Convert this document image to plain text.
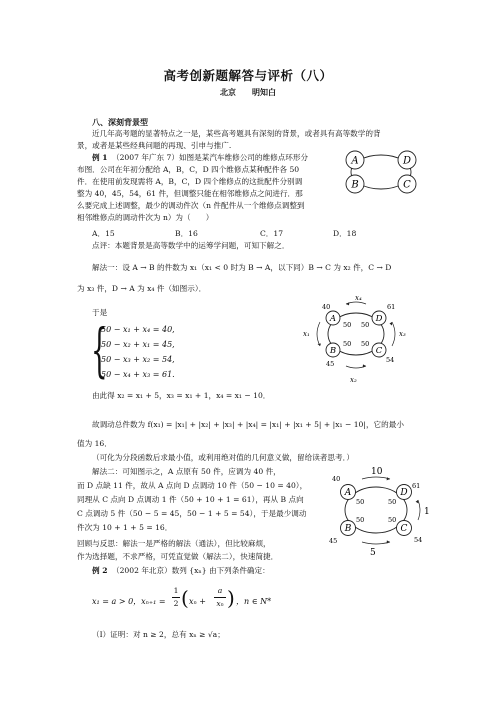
高考创新题解答与评析（八）
北京　　明知白
八、深刻背景型
近几年高考题的显著特点之一是，某些高考题具有深刻的背景，或者具有高等数学的背
景，或者是某些经典问题的再现、引申与推广.
例 1 （2007 年广东 7）如图是某汽车维修公司的维修点环形分
布图．公司在年初分配给 A，B，C，D 四个维修点某种配件各 50
件．在使用前发现需将 A，B，C，D 四个维修点的这批配件分别调
整为 40，45，54，61 件，但调整只能在相邻维修点之间进行．那
么要完成上述调整，最少的调动件次（n 件配件从一个维修点调整到
相邻维修点的调动件次为 n）为（　　）
A．15	B．16	C．17	D．18
点评：本题背景是高等数学中的运筹学问题，可知下解之．
A	D
B	C
解法一：设 A → B 的件数为 x₁（x₁ < 0 时为 B → A，以下同）B → C 为 x₂ 件，C → D
为 x₃ 件，D → A 为 x₄ 件（如图示）．
于是
{
50 − x₁ + x₄ = 40,
50 − x₂ + x₁ = 45,
50 − x₃ + x₂ = 54,
50 − x₄ + x₃ = 61.
由此得 x₂ = x₁ + 5，x₃ = x₁ + 1，x₄ = x₁ − 10．
故调动总件数为 f(x₁) = |x₁| + |x₂| + |x₃| + |x₄| = |x₁| + |x₁ + 5| + |x₁ − 10|，它的最小
值为 16．
（可化为分段函数后求最小值，或利用绝对值的几何意义做，留给读者思考．）
A	D
B	C
40	61
50 50
50 50
45	54
x₁
x₂
x₃
x₄
解法二：可知图示之，A 点原有 50 件，应调为 40 件，
而 D 点缺 11 件，故从 A 点向 D 点调动 10 件（50 − 10 = 40），
同理从 C 点向 D 点调动 1 件（50 + 10 + 1 = 61），再从 B 点向
C 点调动 5 件（50 − 5 = 45，50 − 1 + 5 = 54），于是最少调动
件次为 10 + 1 + 5 = 16．
回顾与反思：解法一是严格的解法（通法），但比较麻烦，
作为选择题，不求严格，可凭直觉做（解法二），快速简捷．
A	D
B	C
40
61
50	50
50	50
45	54
10
1
5
例 2 （2002 年北京）数列 {xₙ} 由下列条件确定：
x₁ = a > 0，xₙ₊₁ =
1
2 ( xₙ +
a
xₙ ) ，n ∈ N*
（I）证明：对 n ≥ 2，总有 xₙ ≥ √a；
